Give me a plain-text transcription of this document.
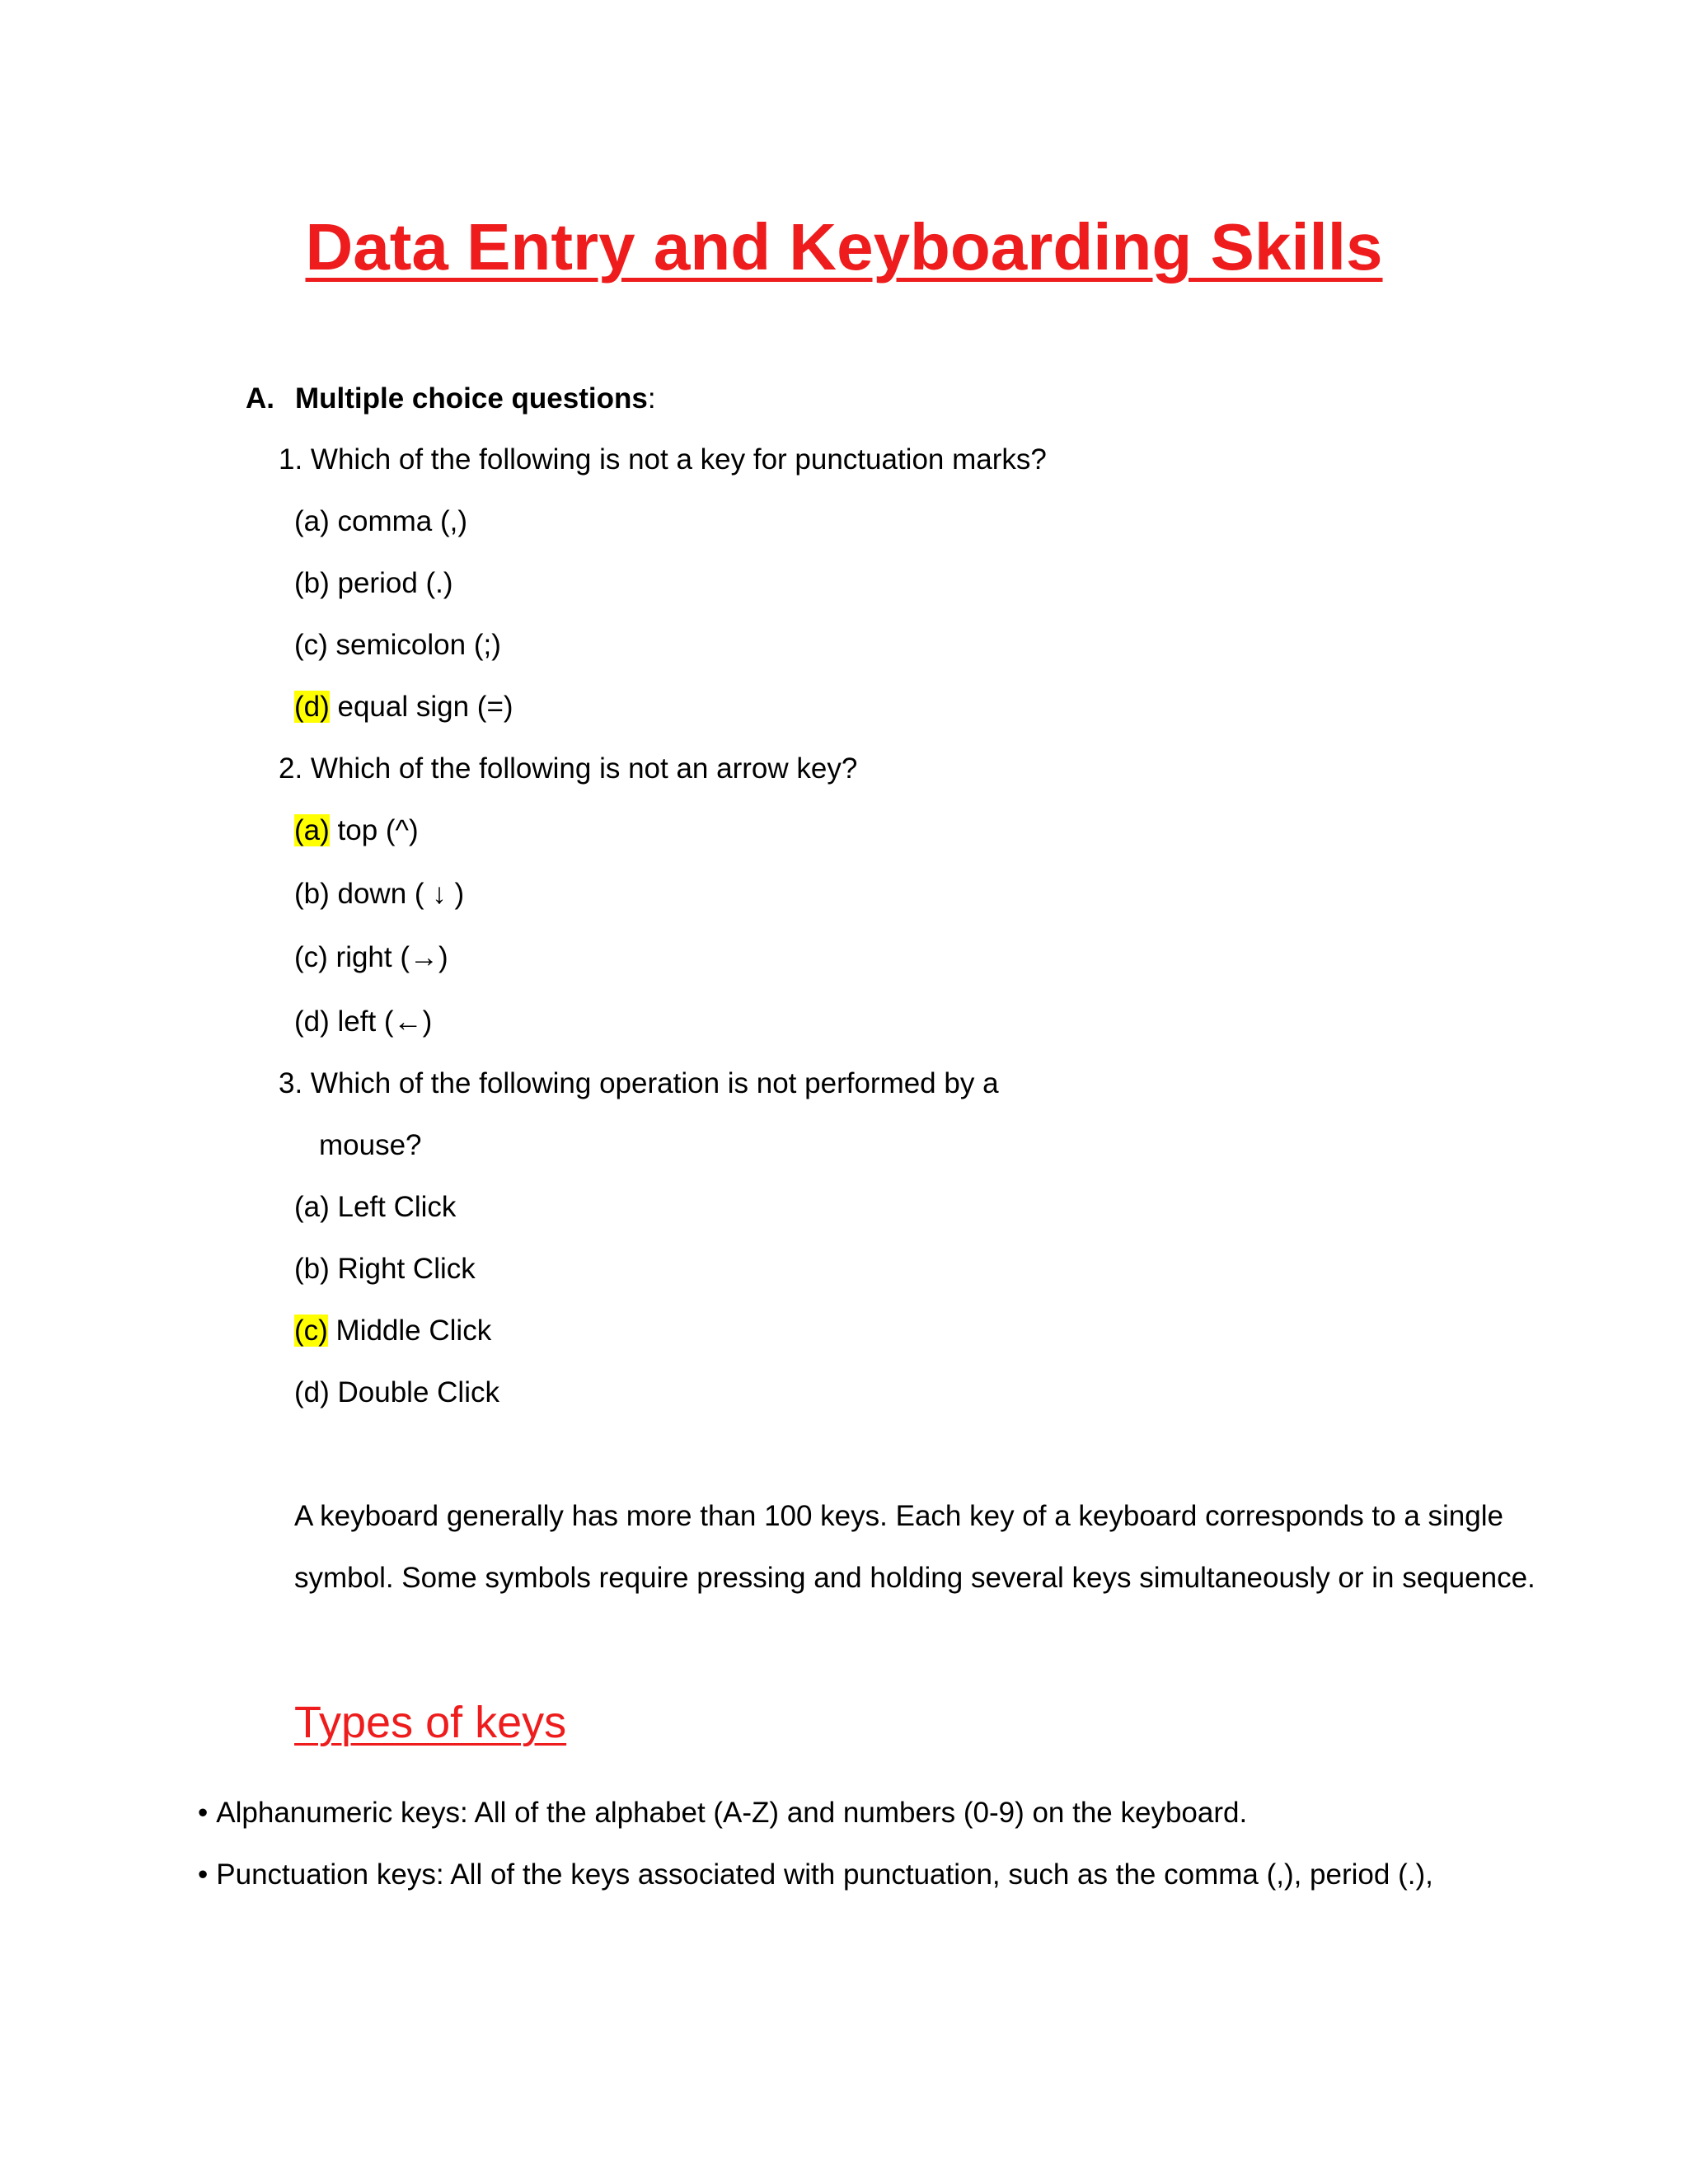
Data Entry and Keyboarding Skills
A. Multiple choice questions:
1. Which of the following is not a key for punctuation marks?
(a) comma (,)
(b) period (.)
(c) semicolon (;)
(d) equal sign (=)
2. Which of the following is not an arrow key?
(a) top (^)
(b) down ( ↓ )
(c) right (→)
(d) left (←)
3. Which of the following operation is not performed by a
mouse?
(a) Left Click
(b) Right Click
(c) Middle Click
(d) Double Click
A keyboard generally has more than 100 keys. Each key of a keyboard corresponds to a single
symbol. Some symbols require pressing and holding several keys simultaneously or in sequence.
Types of keys
• Alphanumeric keys: All of the alphabet (A-Z) and numbers (0-9) on the keyboard.
• Punctuation keys: All of the keys associated with punctuation, such as the comma (,), period (.),
